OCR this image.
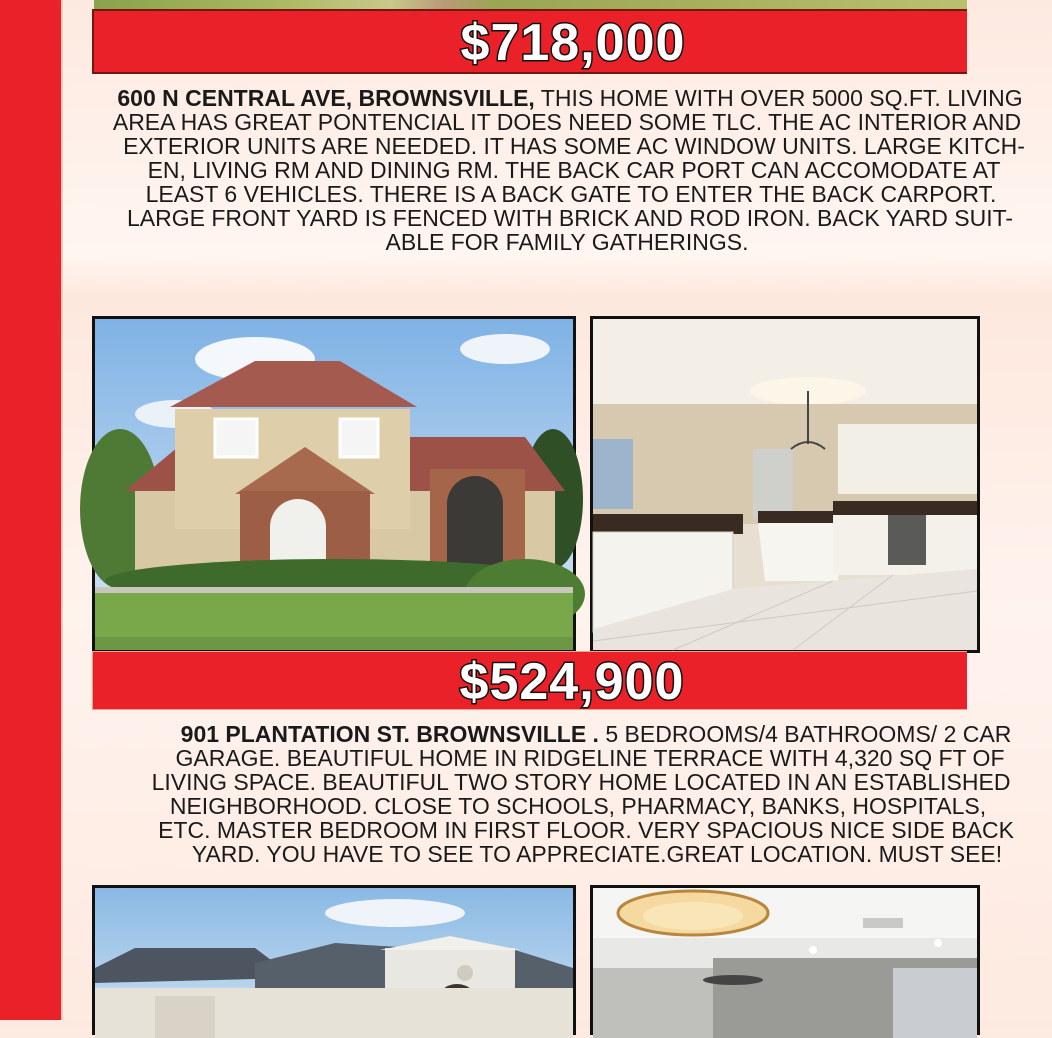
$718,000
600 N CENTRAL AVE, BROWNSVILLE, THIS HOME WITH OVER 5000 SQ.FT. LIVING
AREA HAS GREAT PONTENCIAL IT DOES NEED SOME TLC. THE AC INTERIOR AND
EXTERIOR UNITS ARE NEEDED. IT HAS SOME AC WINDOW UNITS. LARGE KITCH-
EN, LIVING RM AND DINING RM. THE BACK CAR PORT CAN ACCOMODATE AT
LEAST 6 VEHICLES. THERE IS A BACK GATE TO ENTER THE BACK CARPORT.
LARGE FRONT YARD IS FENCED WITH BRICK AND ROD IRON. BACK YARD SUIT-
ABLE FOR FAMILY GATHERINGS.
$524,900
901 PLANTATION ST. BROWNSVILLE . 5 BEDROOMS/4 BATHROOMS/ 2 CAR
GARAGE. BEAUTIFUL HOME IN RIDGELINE TERRACE WITH 4,320 SQ FT OF
LIVING SPACE. BEAUTIFUL TWO STORY HOME LOCATED IN AN ESTABLISHED
NEIGHBORHOOD. CLOSE TO SCHOOLS, PHARMACY, BANKS, HOSPITALS,
ETC. MASTER BEDROOM IN FIRST FLOOR. VERY SPACIOUS NICE SIDE BACK
YARD. YOU HAVE TO SEE TO APPRECIATE.GREAT LOCATION. MUST SEE!
